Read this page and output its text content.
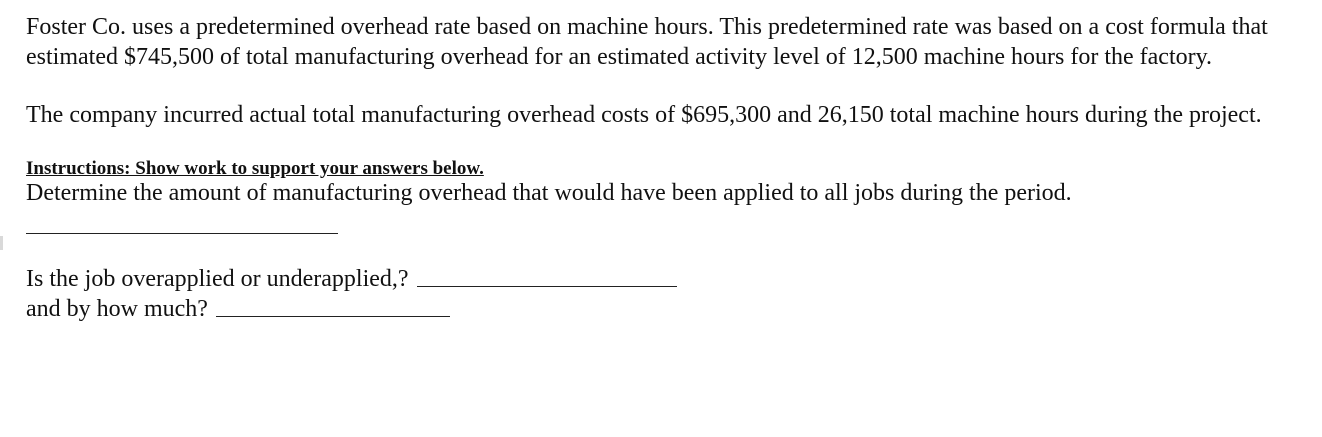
Foster Co. uses a predetermined overhead rate based on machine hours. This predetermined rate was based on a cost formula that estimated $745,500 of total manufacturing overhead for an estimated activity level of 12,500 machine hours for the factory.

The company incurred actual total manufacturing overhead costs of $695,300 and 26,150 total machine hours during the project.

Instructions: Show work to support your answers below.
Determine the amount of manufacturing overhead that would have been applied to all jobs during the period.
Is the job overapplied or underapplied,?
and by how much?
